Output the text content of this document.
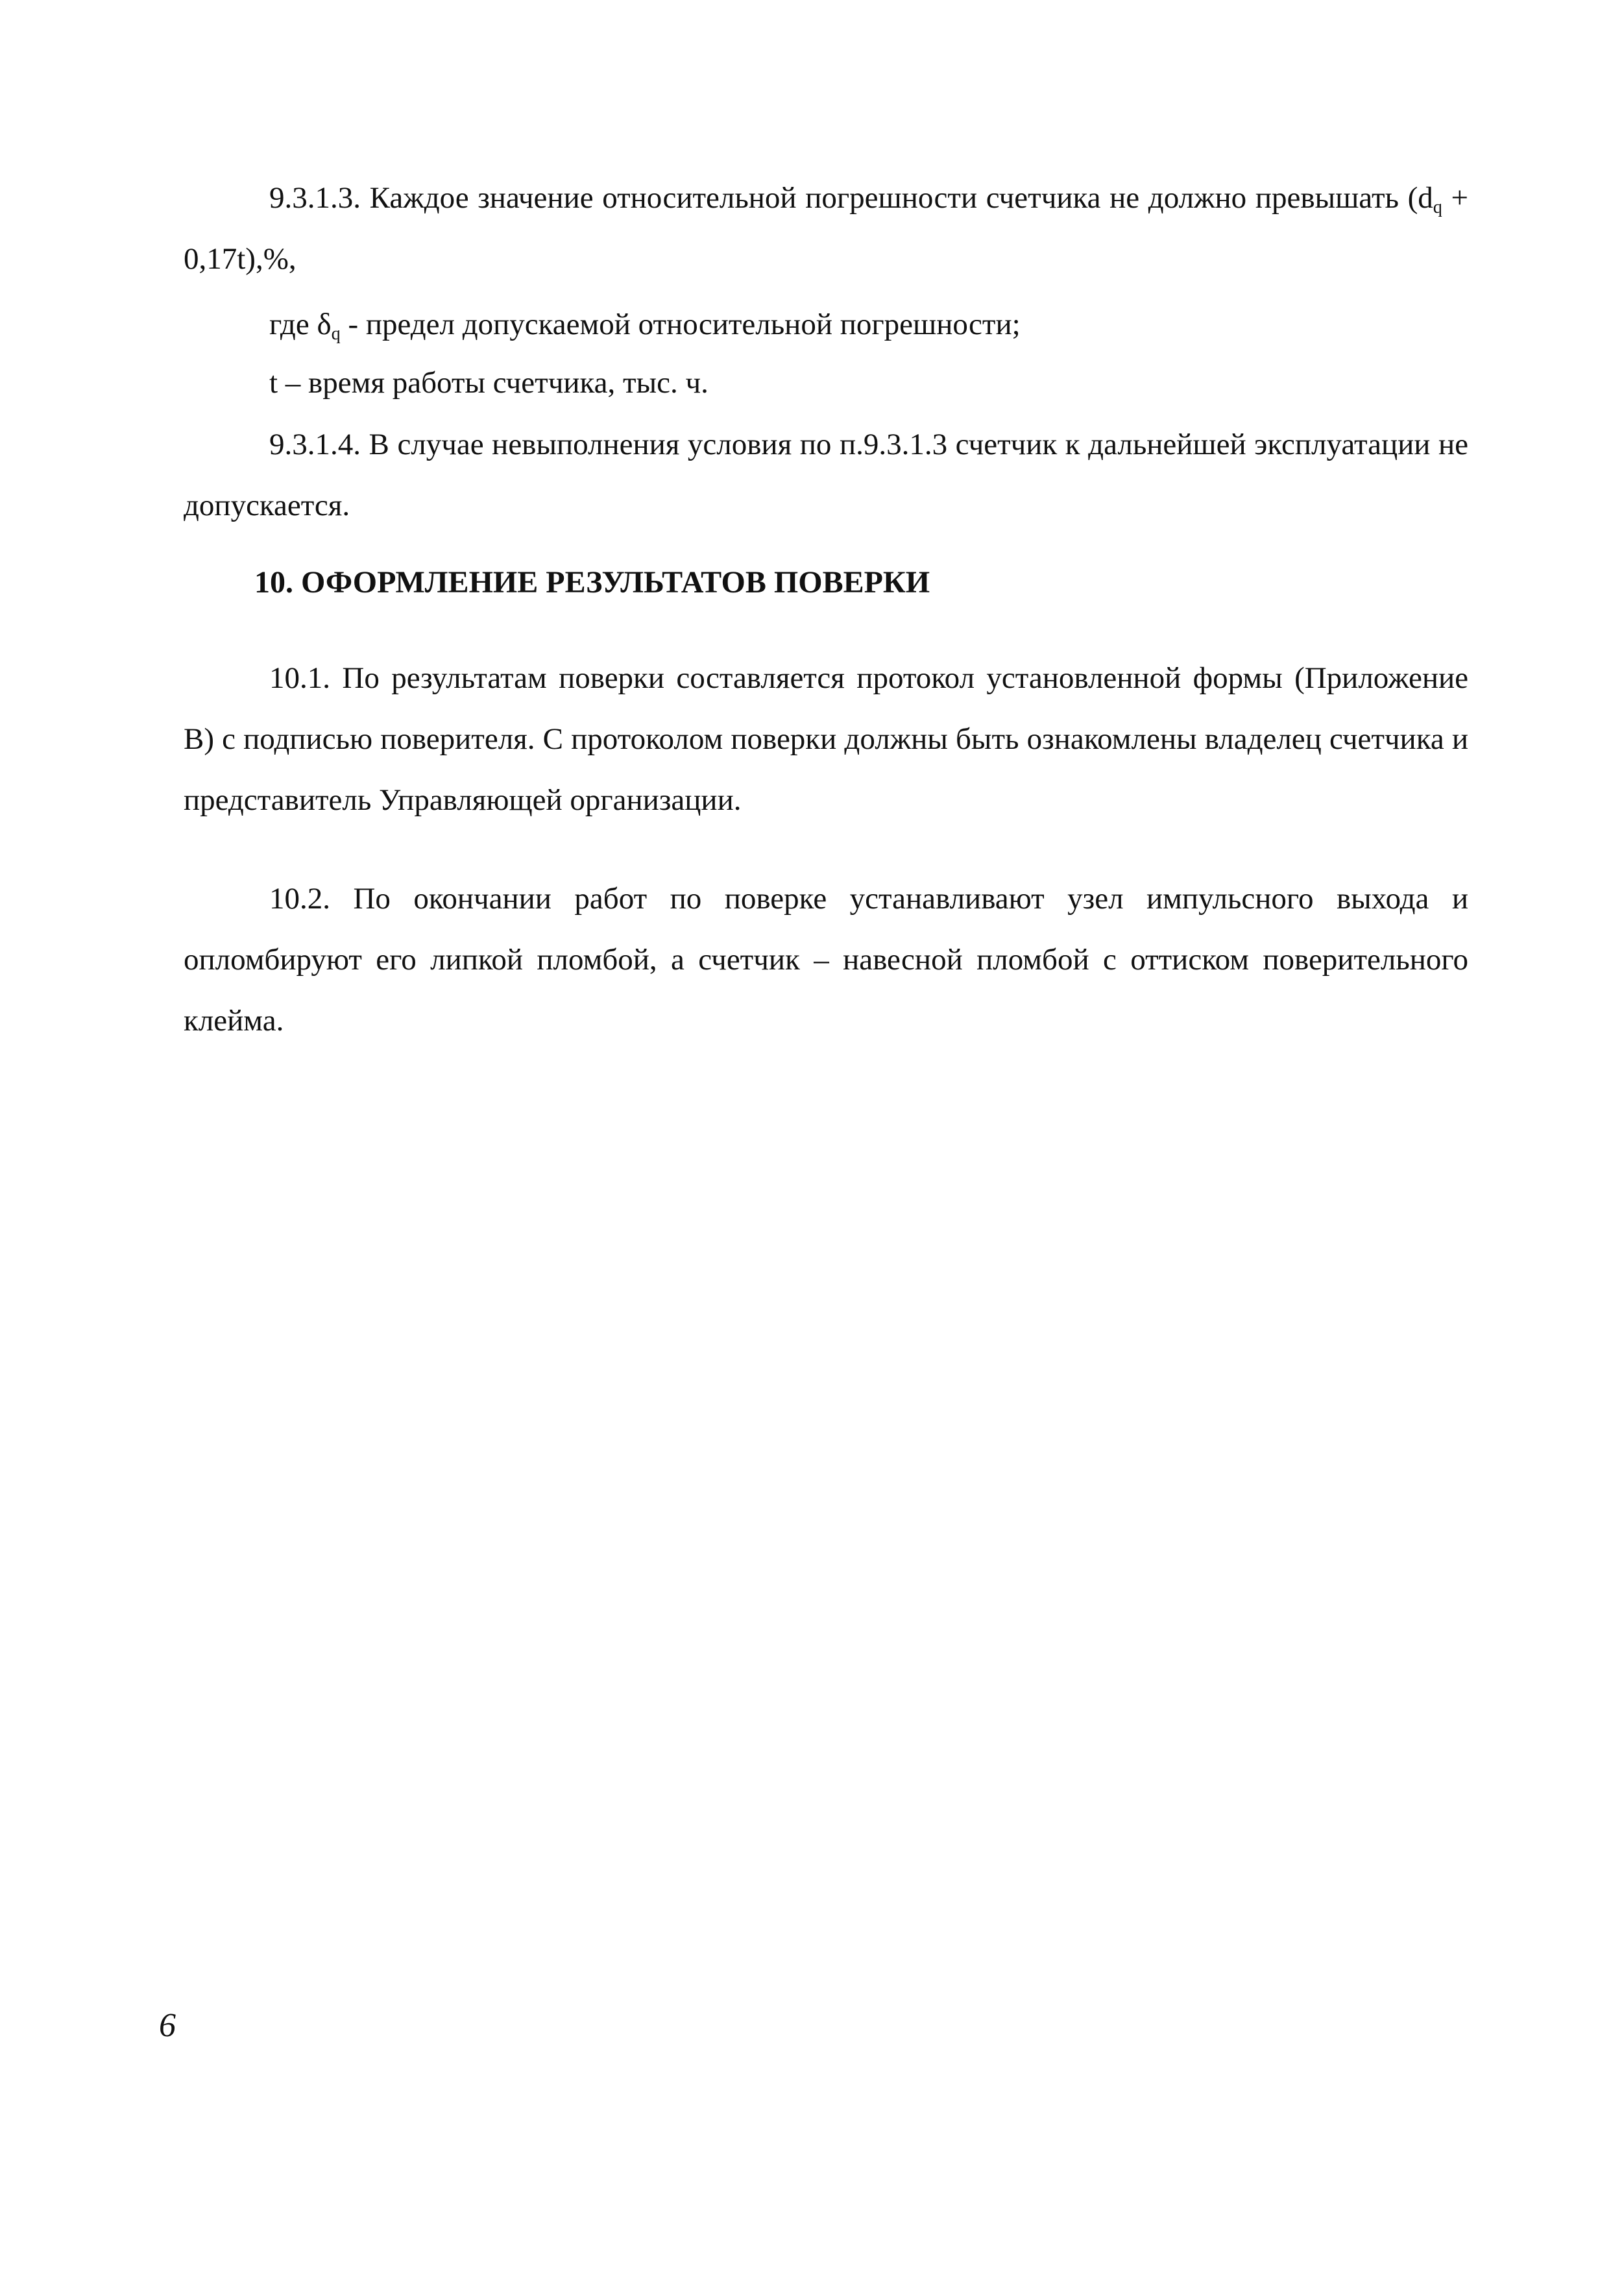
9.3.1.3. Каждое значение относительной погрешности счетчика не должно превышать $(d_q + 0,17t),\%$,

где $\delta_q$ - предел допускаемой относительной погрешности;

t – время работы счетчика, тыс. ч.

9.3.1.4. В случае невыполнения условия по п.9.3.1.3 счетчик к дальнейшей эксплуатации не допускается.

10. ОФОРМЛЕНИЕ РЕЗУЛЬТАТОВ ПОВЕРКИ

10.1. По результатам поверки составляется протокол установленной формы (Приложение В) с подписью поверителя. С протоколом поверки должны быть ознакомлены владелец счетчика и представитель Управляющей организации.

10.2. По окончании работ по поверке устанавливают узел импульсного выхода и опломбируют его липкой пломбой, а счетчик – навесной пломбой с оттиском поверительного клейма.

6
